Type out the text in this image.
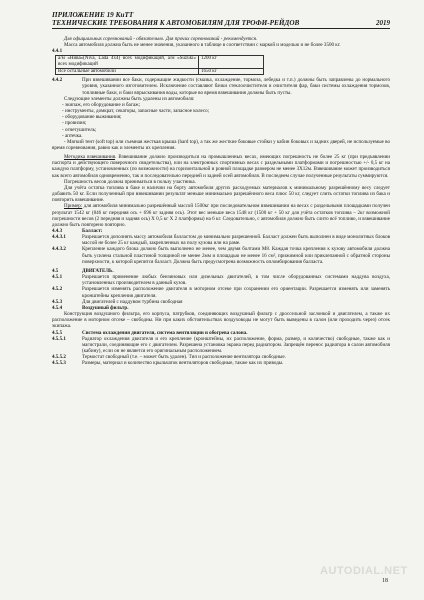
ПРИЛОЖЕНИЕ 19 КиТТ
ТЕХНИЧЕСКИЕ ТРЕБОВАНИЯ К АВТОМОБИЛЯМ ДЛЯ ТРОФИ-РЕЙДОВ	2019

Для официальных соревнований - обязательно. Для прочих соревнований - рекомендуется.

Масса автомобиля должна быть не менее значения, указанного в таблице в соответствии с маркой и моделью и не более 3500 кг.

4.4.1
а/м «Нива»(Niva, Lada 4x4) всех модификаций, а/м «Suzuki» всех модификаций	1200 кг
Все остальные автомобили	1650 кг
4.4.2	При взвешивании все баки, содержащие жидкости (смазка, охлаждение, тормоза, лебедка и т.п.) должны быть заправлены до нормального уровня, указанного изготовителем. Исключение составляют бачки стеклоочистителя и очистителя фар, баки системы охлаждения тормозов, топливные баки, и баки впрыскивания воды, которые во время взвешивания должны быть пусты.
Следующие элементы должны быть удалены из автомобиля:
- экипаж, его оборудование и багаж;
- инструменты, домкрат, секаторы, запасные части, запасное колесо;
- оборудование выживания;
- провизия;
- огнетушитель;
- аптечка.

- Мягкий тент (soft top) или съемная жесткая крыша (hard top), а так же жесткие боковые стойки у кабин боковых и задних дверей, не используемые во время соревнования, равно как и элементы их крепления.

Методика взвешивания. Взвешивание должно производиться на промышленных весах, имеющих погрешность не более 25 кг (при предъявлении паспорта и действующего поверочного свидетельства), или на электронных спортивных весах с раздельными платформами и погрешностью +/- 0,5 кг на каждую платформу, установленных (по возможности) на горизонтальной и ровной площадке размером не менее 3X12м. Взвешивание может производиться как всего автомобиля одновременно, так и последовательно передней и задней осей автомобиля. В последнем случае полученные результаты суммируются.

Погрешность весов должна приниматься в пользу участника.

Для учёта остатка топлива в баке и наличии на борту автомобиля других расходуемых материалов к минимальному разрешённому весу следует добавить 50 кг. Если полученный при взвешивании результат меньше минимально разрешённого веса плюс 50 кг, следует слить остатки топлива из бака и повторить взвешивание.

Пример: для автомобиля минимально разрешённый массой 1500кг при последовательном взвешивании на весах с раздельными площадками получен результат 1542 кг (846 кг передняя ось + 696 кг задняя ось). Этот вес меньше веса 1548 кг (1500 кг + 50 кг для учёта остатков топлива – 2кг возможной погрешности весов (2 передняя и задняя ось) X 0,5 кг X 2 платформы) на 6 кг. Следовательно, с автомобиля должно быть слито всё топливо, и взвешивание должно быть повторено повторно.

4.4.3	Балласт:
4.4.3.1	Разрешается дополнять массу автомобиля балластом до минимально разрешенной. Балласт должен быть выполнен в виде монолитных блоков массой не более 25 кг каждый, закрепленных на полу кузова или на раме.
4.4.3.2	Крепление каждого блока должно быть выполнено не менее, чем двумя болтами М8. Каждая точка крепления к кузову автомобиля должна быть усилена стальной пластиной толщиной не менее 2мм и площадью не менее 16 см², прижимной или приклепанной с обратной стороны поверхности, к которой крепится балласт. Должна быть предусмотрена возможность опломбирования балласта.
4.5	ДВИГАТЕЛЬ.
4.5.1	Разрешается применение любых бензиновых или дизельных двигателей, в том числе оборудованных системами наддува воздуха, установленных производителем в данный кузов.
4.5.2	Разрешается изменять расположение двигателя в моторном отсеке при сохранении его ориентации. Разрешается изменять или заменять кронштейны крепления двигателя.
4.5.3	Для двигателей с наддувом турбина свободная
4.5.4	Воздушный фильтр.

Конструкция воздушного фильтра, его корпуса, патрубков, соединяющих воздушный фильтр с дроссельной заслонкой и двигателем, а также их расположение в моторном отсеке – свободны. Ни при каких обстоятельствах воздуховоды не могут быть выведены в салон (или проходить через) отсек экипажа.

4.5.5	Система охлаждения двигателя, система вентиляции и обогрева салона.
4.5.5.1	Радиатор охлаждения двигателя и его крепление (кронштейны, их расположение, форма, размер, и количество) свободные, также как и магистрали, соединяющие его с двигателем. Разрешена установка экрана перед радиатором. Запрещён перенос радиатора в салон автомобиля (кабину), если он не является его оригинальным расположением.
4.5.5.2	Термостат свободный (т.е. – может быть удален). Тип и расположение вентилятора свободные.
4.5.5.3	Размеры, материал и количество крыльчаток вентиляторов свободные, также как их приводы.
AUTODIAL.NET
18
